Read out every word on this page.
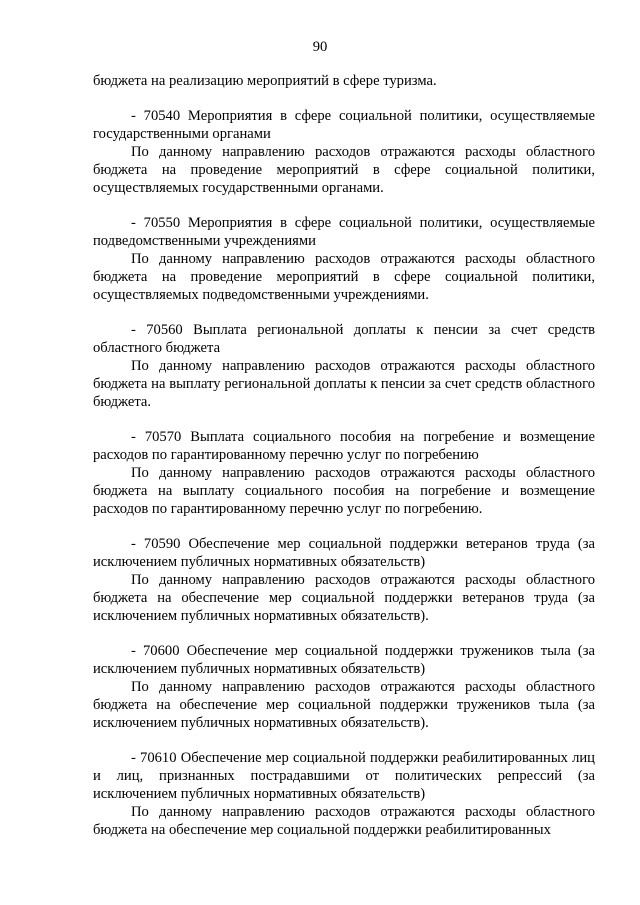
90

бюджета на реализацию мероприятий в сфере туризма.

- 70540 Мероприятия в сфере социальной политики, осуществляемые государственными органами

По данному направлению расходов отражаются расходы областного бюджета на проведение мероприятий в сфере социальной политики, осуществляемых государственными органами.

- 70550 Мероприятия в сфере социальной политики, осуществляемые подведомственными учреждениями

По данному направлению расходов отражаются расходы областного бюджета на проведение мероприятий в сфере социальной политики, осуществляемых подведомственными учреждениями.

- 70560 Выплата региональной доплаты к пенсии за счет средств областного бюджета

По данному направлению расходов отражаются расходы областного бюджета на выплату региональной доплаты к пенсии за счет средств областного бюджета.

- 70570 Выплата социального пособия на погребение и возмещение расходов по гарантированному перечню услуг по погребению

По данному направлению расходов отражаются расходы областного бюджета на выплату социального пособия на погребение и возмещение расходов по гарантированному перечню услуг по погребению.

- 70590 Обеспечение мер социальной поддержки ветеранов труда (за исключением публичных нормативных обязательств)

По данному направлению расходов отражаются расходы областного бюджета на обеспечение мер социальной поддержки ветеранов труда (за исключением публичных нормативных обязательств).

- 70600 Обеспечение мер социальной поддержки тружеников тыла (за исключением публичных нормативных обязательств)

По данному направлению расходов отражаются расходы областного бюджета на обеспечение мер социальной поддержки тружеников тыла (за исключением публичных нормативных обязательств).

- 70610 Обеспечение мер социальной поддержки реабилитированных лиц и лиц, признанных пострадавшими от политических репрессий (за исключением публичных нормативных обязательств)

По данному направлению расходов отражаются расходы областного бюджета на обеспечение мер социальной поддержки реабилитированных
